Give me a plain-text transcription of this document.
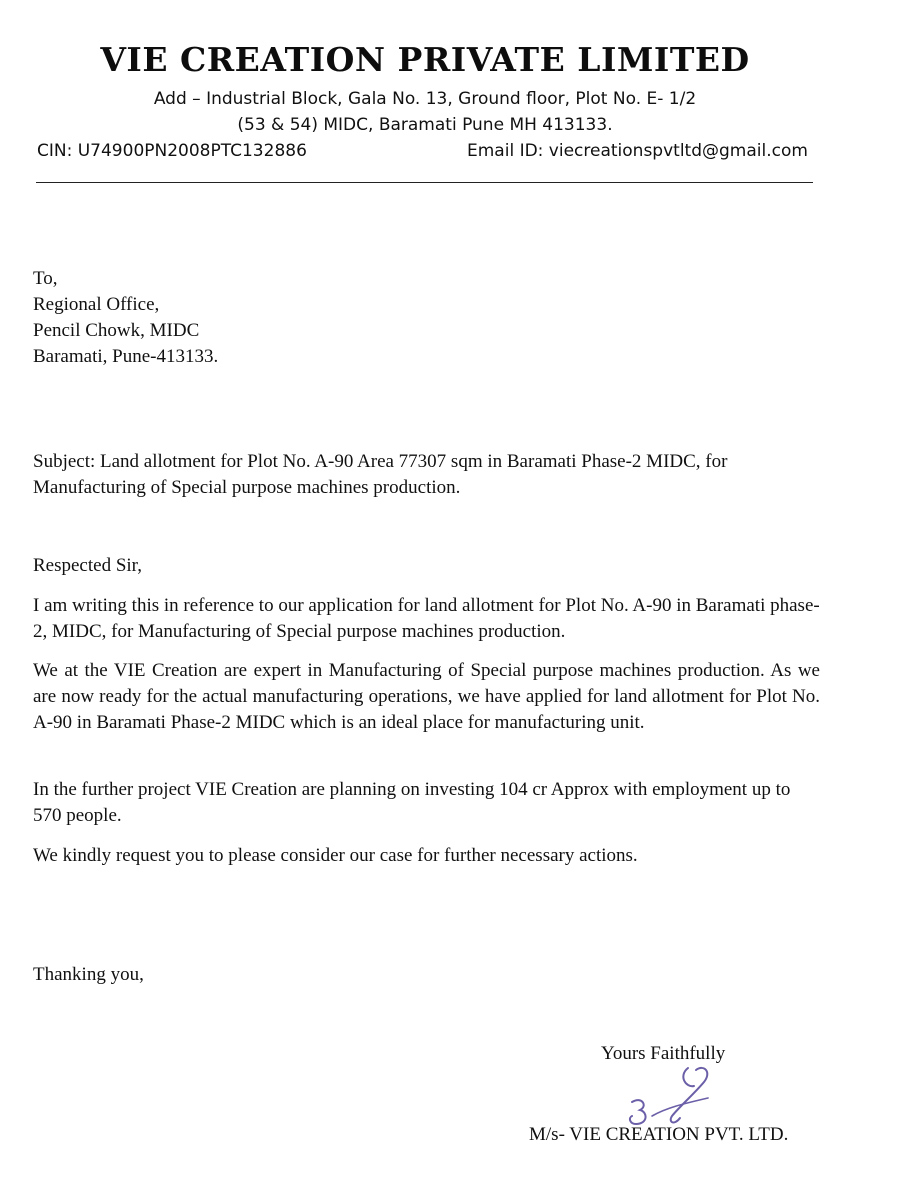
VIE CREATION PRIVATE LIMITED
Add – Industrial Block, Gala No. 13, Ground floor, Plot No. E- 1/2
(53 & 54) MIDC, Baramati Pune MH 413133.
CIN: U74900PN2008PTC132886	Email ID: viecreationspvtltd@gmail.com
To,
Regional Office,
Pencil Chowk, MIDC
Baramati, Pune-413133.
Subject: Land allotment for Plot No. A-90 Area 77307 sqm in Baramati Phase-2 MIDC, for Manufacturing of Special purpose machines production.
Respected Sir,
I am writing this in reference to our application for land allotment for Plot No. A-90 in Baramati phase-2, MIDC, for Manufacturing of Special purpose machines production.
We at the VIE Creation are expert in Manufacturing of Special purpose machines production. As we are now ready for the actual manufacturing operations, we have applied for land allotment for Plot No. A-90 in Baramati Phase-2 MIDC which is an ideal place for manufacturing unit.
In the further project VIE Creation are planning on investing 104 cr Approx with employment up to 570 people.
We kindly request you to please consider our case for further necessary actions.
Thanking you,
Yours Faithfully
M/s- VIE CREATION PVT. LTD.
